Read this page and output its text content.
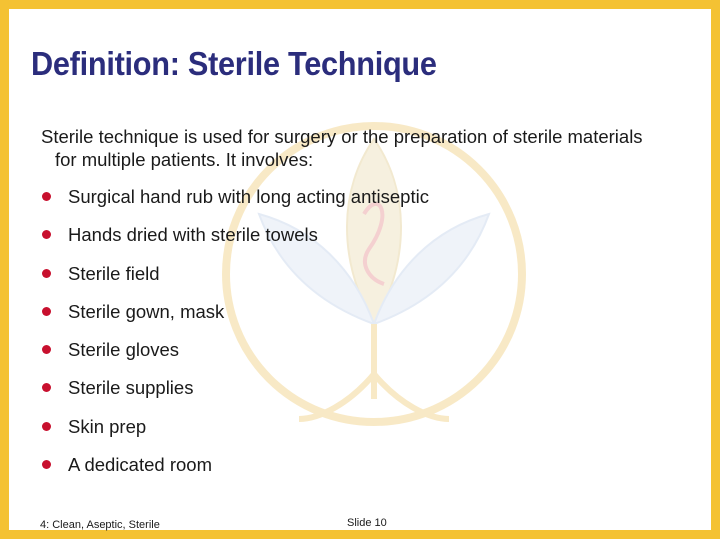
Definition: Sterile Technique

Sterile technique is used for surgery or the preparation of sterile materials
for multiple patients. It involves:

Surgical hand rub with long acting antiseptic
Hands dried with sterile towels
Sterile field
Sterile gown, mask
Sterile gloves
Sterile supplies
Skin prep
A dedicated room
4: Clean, Aseptic, Sterile	Slide 10
